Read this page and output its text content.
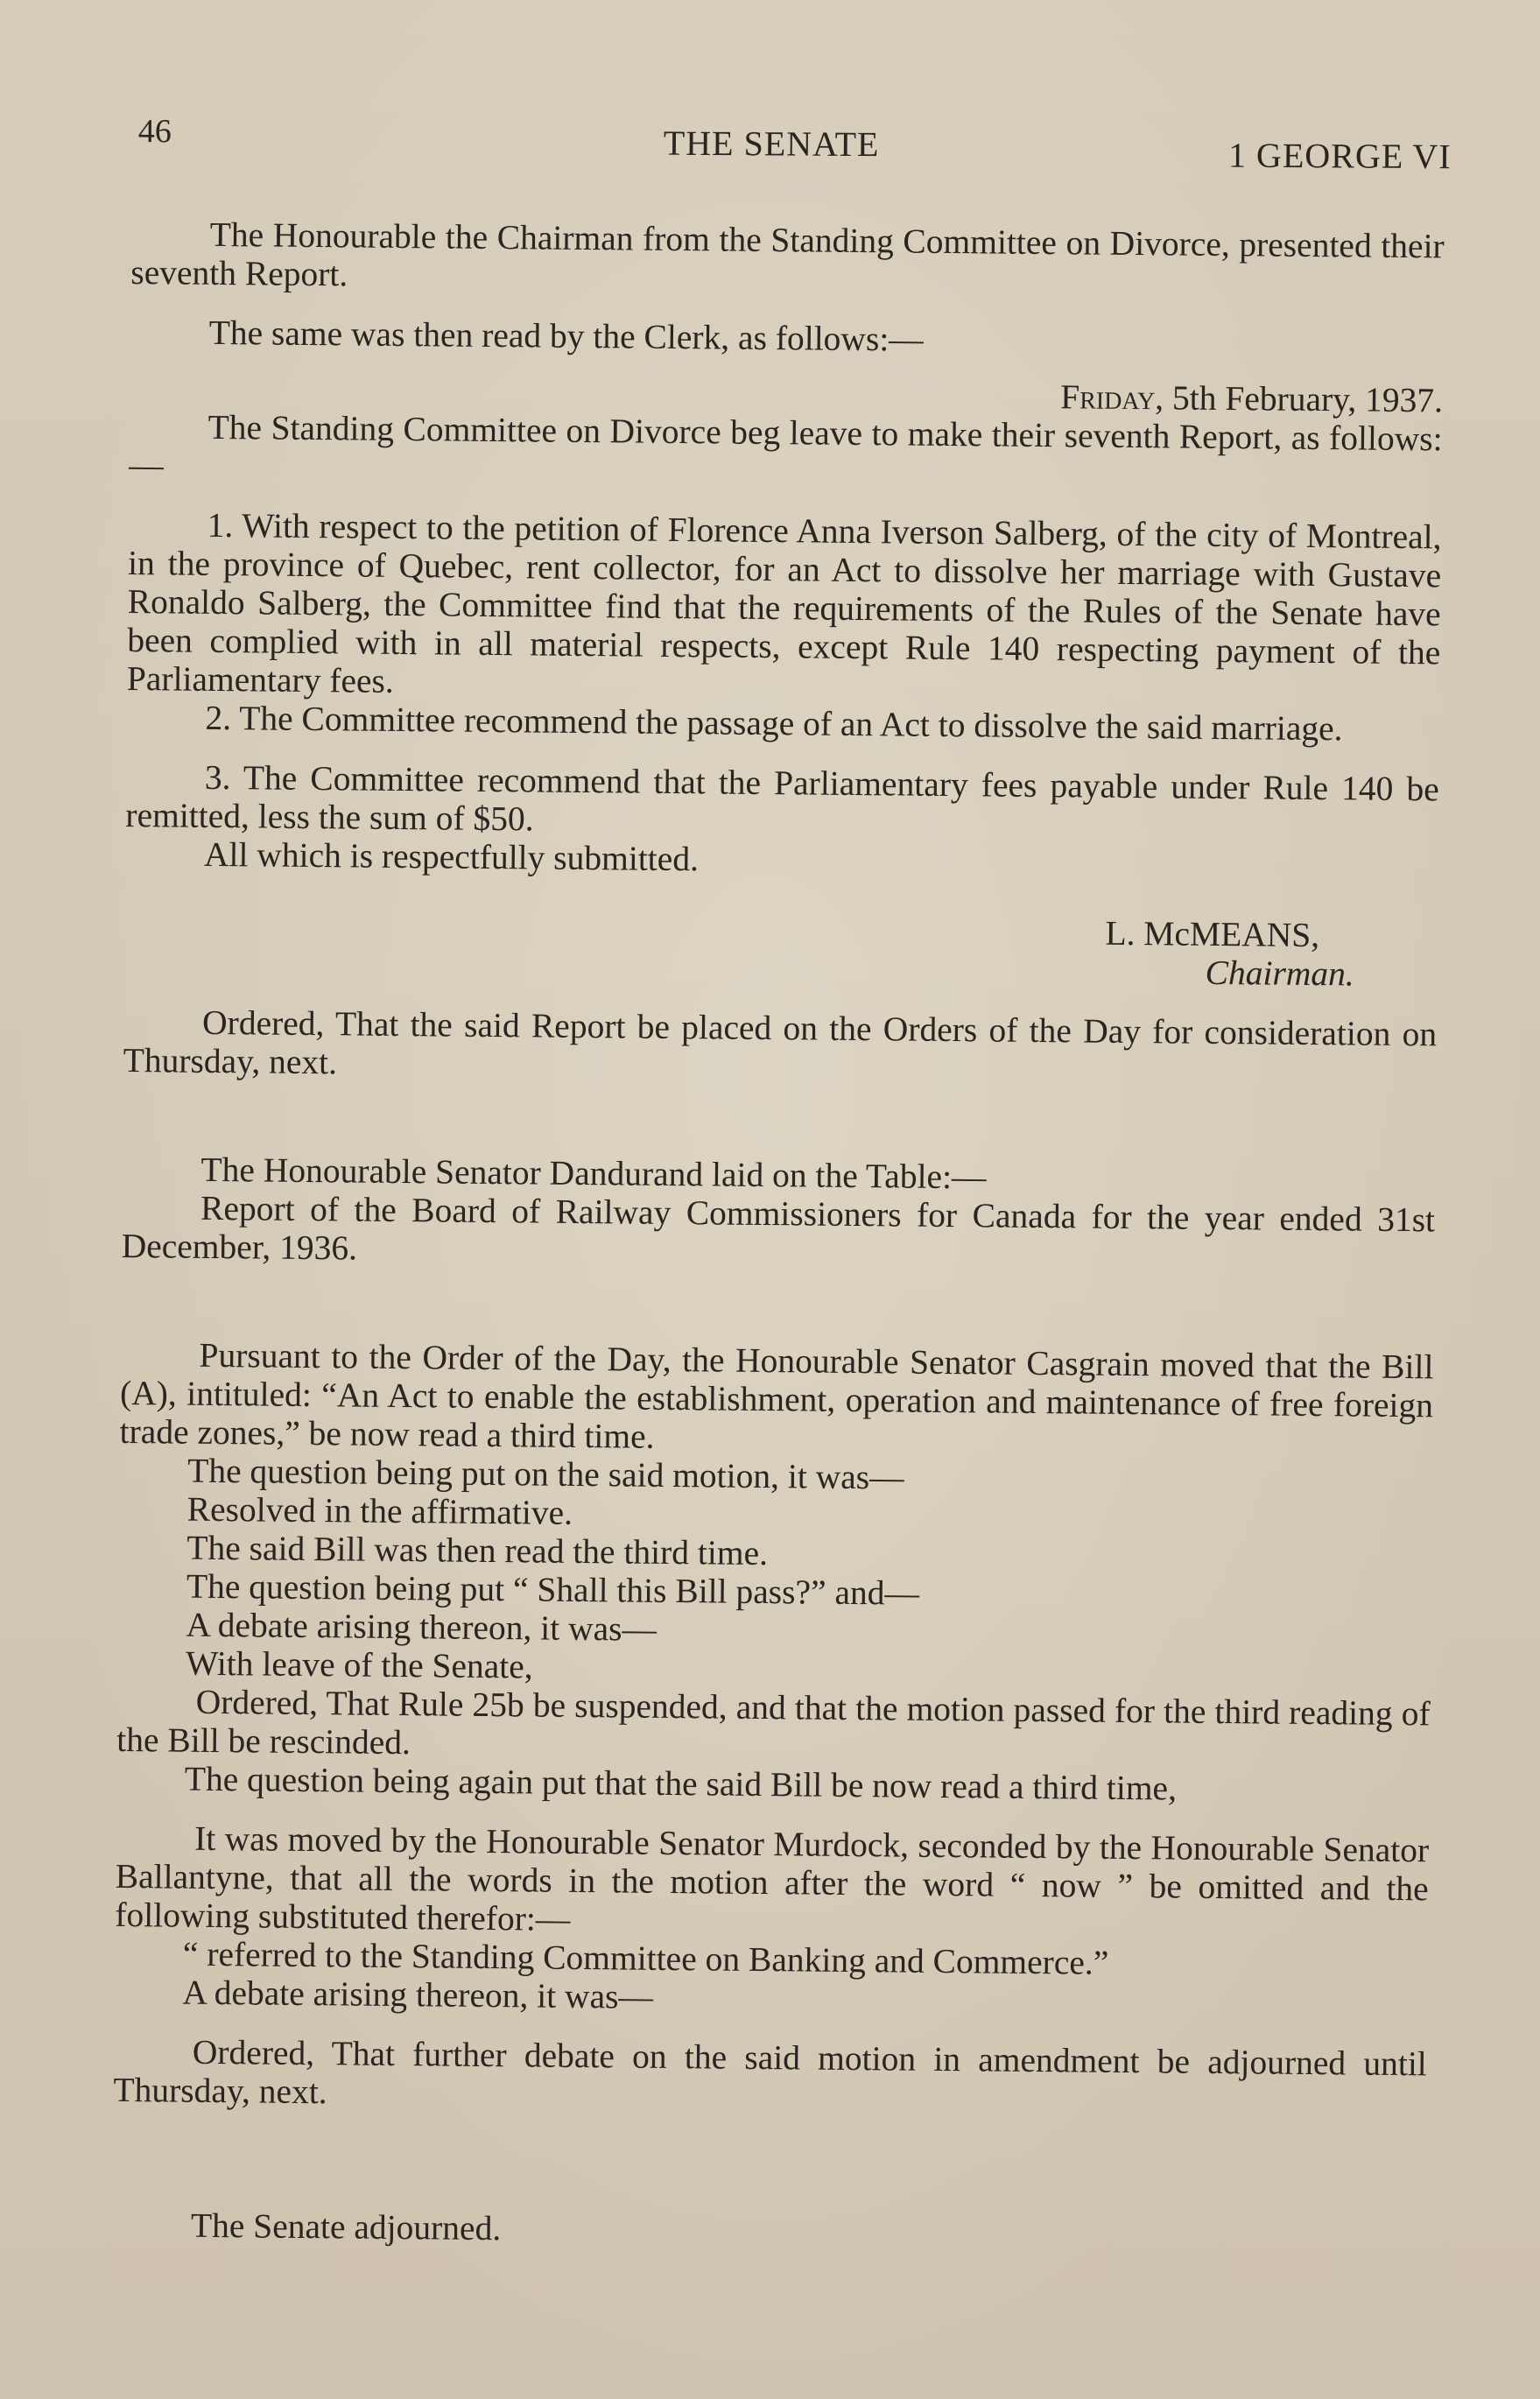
46	THE SENATE	1 GEORGE VI

The Honourable the Chairman from the Standing Committee on Divorce, presented their seventh Report.

The same was then read by the Clerk, as follows:—

Friday, 5th February, 1937.

The Standing Committee on Divorce beg leave to make their seventh Report, as follows:—

1. With respect to the petition of Florence Anna Iverson Salberg, of the city of Montreal, in the province of Quebec, rent collector, for an Act to dissolve her marriage with Gustave Ronaldo Salberg, the Committee find that the requirements of the Rules of the Senate have been complied with in all material respects, except Rule 140 respecting payment of the Parliamentary fees.

2. The Committee recommend the passage of an Act to dissolve the said marriage.

3. The Committee recommend that the Parliamentary fees payable under Rule 140 be remitted, less the sum of $50.

All which is respectfully submitted.

L. McMEANS,

Chairman.

Ordered, That the said Report be placed on the Orders of the Day for consideration on Thursday, next.

The Honourable Senator Dandurand laid on the Table:—

Report of the Board of Railway Commissioners for Canada for the year ended 31st December, 1936.

Pursuant to the Order of the Day, the Honourable Senator Casgrain moved that the Bill (A), intituled: “An Act to enable the establishment, operation and maintenance of free foreign trade zones,” be now read a third time.

The question being put on the said motion, it was—

Resolved in the affirmative.

The said Bill was then read the third time.

The question being put “ Shall this Bill pass?” and—

A debate arising thereon, it was—

With leave of the Senate,

Ordered, That Rule 25b be suspended, and that the motion passed for the third reading of the Bill be rescinded.

The question being again put that the said Bill be now read a third time,

It was moved by the Honourable Senator Murdock, seconded by the Honourable Senator Ballantyne, that all the words in the motion after the word “ now ” be omitted and the following substituted therefor:—

“ referred to the Standing Committee on Banking and Commerce.”

A debate arising thereon, it was—

Ordered, That further debate on the said motion in amendment be adjourned until Thursday, next.

The Senate adjourned.
